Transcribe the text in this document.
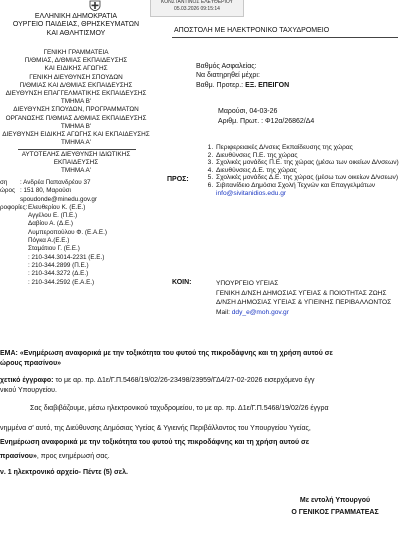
ΚΟΝΣΤΑΝΤΙΝΟΣ ΕΛΕΥΘΕΡΙΟΥ
05.03.2026 09:15:14
ΕΛΛΗΝΙΚΗ ΔΗΜΟΚΡΑΤΙΑ
ΟΥΡΓΕΙΟ ΠΑΙΔΕΙΑΣ, ΘΡΗΣΚΕΥΜΑΤΩΝ
ΚΑΙ ΑΘΛΗΤΙΣΜΟΥ
ΓΕΝΙΚΗ ΓΡΑΜΜΑΤΕΙΑ
Π/ΘΜΙΑΣ, Δ/ΘΜΙΑΣ ΕΚΠΑΙΔΕΥΣΗΣ
ΚΑΙ ΕΙΔΙΚΗΣ ΑΓΩΓΗΣ
ΓΕΝΙΚΗ ΔΙΕΥΘΥΝΣΗ ΣΠΟΥΔΩΝ
Π/ΘΜΙΑΣ ΚΑΙ Δ/ΘΜΙΑΣ ΕΚΠΑΙΔΕΥΣΗΣ
ΔΙΕΥΘΥΝΣΗ ΕΠΑΓΓΕΛΜΑΤΙΚΗΣ ΕΚΠΑΙΔΕΥΣΗΣ
ΤΜΗΜΑ Β'
ΔΙΕΥΘΥΝΣΗ ΣΠΟΥΔΩΝ, ΠΡΟΓΡΑΜΜΑΤΩΝ
ΟΡΓΑΝΩΣΗΣ Π/ΘΜΙΑΣ Δ/ΘΜΙΑΣ ΕΚΠΑΙΔΕΥΣΗΣ
ΤΜΗΜΑ Β'
ΔΙΕΥΘΥΝΣΗ ΕΙΔΙΚΗΣ ΑΓΩΓΗΣ ΚΑΙ ΕΚΠΑΙΔΕΥΣΗΣ
ΤΜΗΜΑ Α'
ΑΥΤΟΤΕΛΗΣ ΔΙΕΥΘΥΝΣΗ ΙΔΙΩΤΙΚΗΣ ΕΚΠΑΙΔΕΥΣΗΣ
ΤΜΗΜΑ Α'
ση	: Ανδρέα Παπανδρέου 37
ώρος : 151 80, Μαρούσι
spoudonde@minedu.gov.gr
ροφορίες: Ελευθερίου Κ. (Ε.Ε.)
Αγγέλου Ε. (Π.Ε.)
Δαβίου Α. (Δ.Ε.)
Λυμπεροπούλου Φ. (Ε.Α.Ε.)
Πόγκα Α.(Ε.Ε.)
Σταμάτιου Γ. (Ε.Ε.)
: 210-344.3014-2231 (Ε.Ε.)
: 210-344.2899 (Π.Ε.)
: 210-344.3272 (Δ.Ε.)
: 210-344.2592 (Ε.Α.Ε.)
ΑΠΟΣΤΟΛΗ ΜΕ ΗΛΕΚΤΡΟΝΙΚΟ ΤΑΧΥΔΡΟΜΕΙΟ
Βαθμός Ασφαλείας:
Να διατηρηθεί μέχρι:
Βαθμ. Προτερ.: ΕΞ. ΕΠΕΙΓΟΝ
Μαρούσι, 04-03-26
Αριθμ. Πρωτ. : Φ12α/26862/Δ4
ΠΡΟΣ:
1. Περιφερειακές Δ/νσεις Εκπαίδευσης της χώρας
2. Διευθύνσεις Π.Ε. της χώρας
3. Σχολικές μονάδες Π.Ε. της χώρας (μέσω των οικείων Δ/νσεων)
4. Διευθύνσεις Δ.Ε. της χώρας
5. Σχολικές μονάδες Δ.Ε. της χώρας (μέσω των οικείων Δ/νσεων)
6. Σιβιτανίδειο Δημόσια Σχολή Τεχνών και Επαγγελμάτων
info@sivitanidios.edu.gr
ΚΟΙΝ:	ΥΠΟΥΡΓΕΙΟ ΥΓΕΙΑΣ
ΓΕΝΙΚΗ Δ/ΝΣΗ ΔΗΜΟΣΙΑΣ ΥΓΕΙΑΣ & ΠΟΙΟΤΗΤΑΣ ΖΩΗΣ
Δ/ΝΣΗ ΔΗΜΟΣΙΑΣ ΥΓΕΙΑΣ & ΥΓΙΕΙΝΗΣ ΠΕΡΙΒΑΛΛΟΝΤΟΣ
Mail: ddy_e@moh.gov.gr
ΕΜΑ: «Ενημέρωση αναφορικά με την τοξικότητα του φυτού της πικροδάφνης και τη χρήση αυτού σε
ώρους πρασίνου»
χετικό έγγραφο: το με αρ. πρ. Δ1ε/Γ.Π.5468/19/02/26-23498/23959/ΓΔ4/27-02-2026 εισερχόμενο έγγ
νικού Υπουργείου.
Σας διαβιβάζουμε, μέσω ηλεκτρονικού ταχυδρομείου, το με αρ. πρ. Δ1ε/Γ.Π.5468/19/02/26 έγγρα
νημμένα σ' αυτό, της Διεύθυνσης Δημόσιας Υγείας & Υγιεινής Περιβάλλοντος του Υπουργείου Υγείας,
Ενημέρωση αναφορικά με την τοξικότητα του φυτού της πικροδάφνης και τη χρήση αυτού σε
πρασίνου», προς ενημέρωσή σας.
ν. 1 ηλεκτρονικό αρχείο- Πέντε (5) σελ.
Με εντολή Υπουργού
Ο ΓΕΝΙΚΟΣ ΓΡΑΜΜΑΤΕΑΣ
